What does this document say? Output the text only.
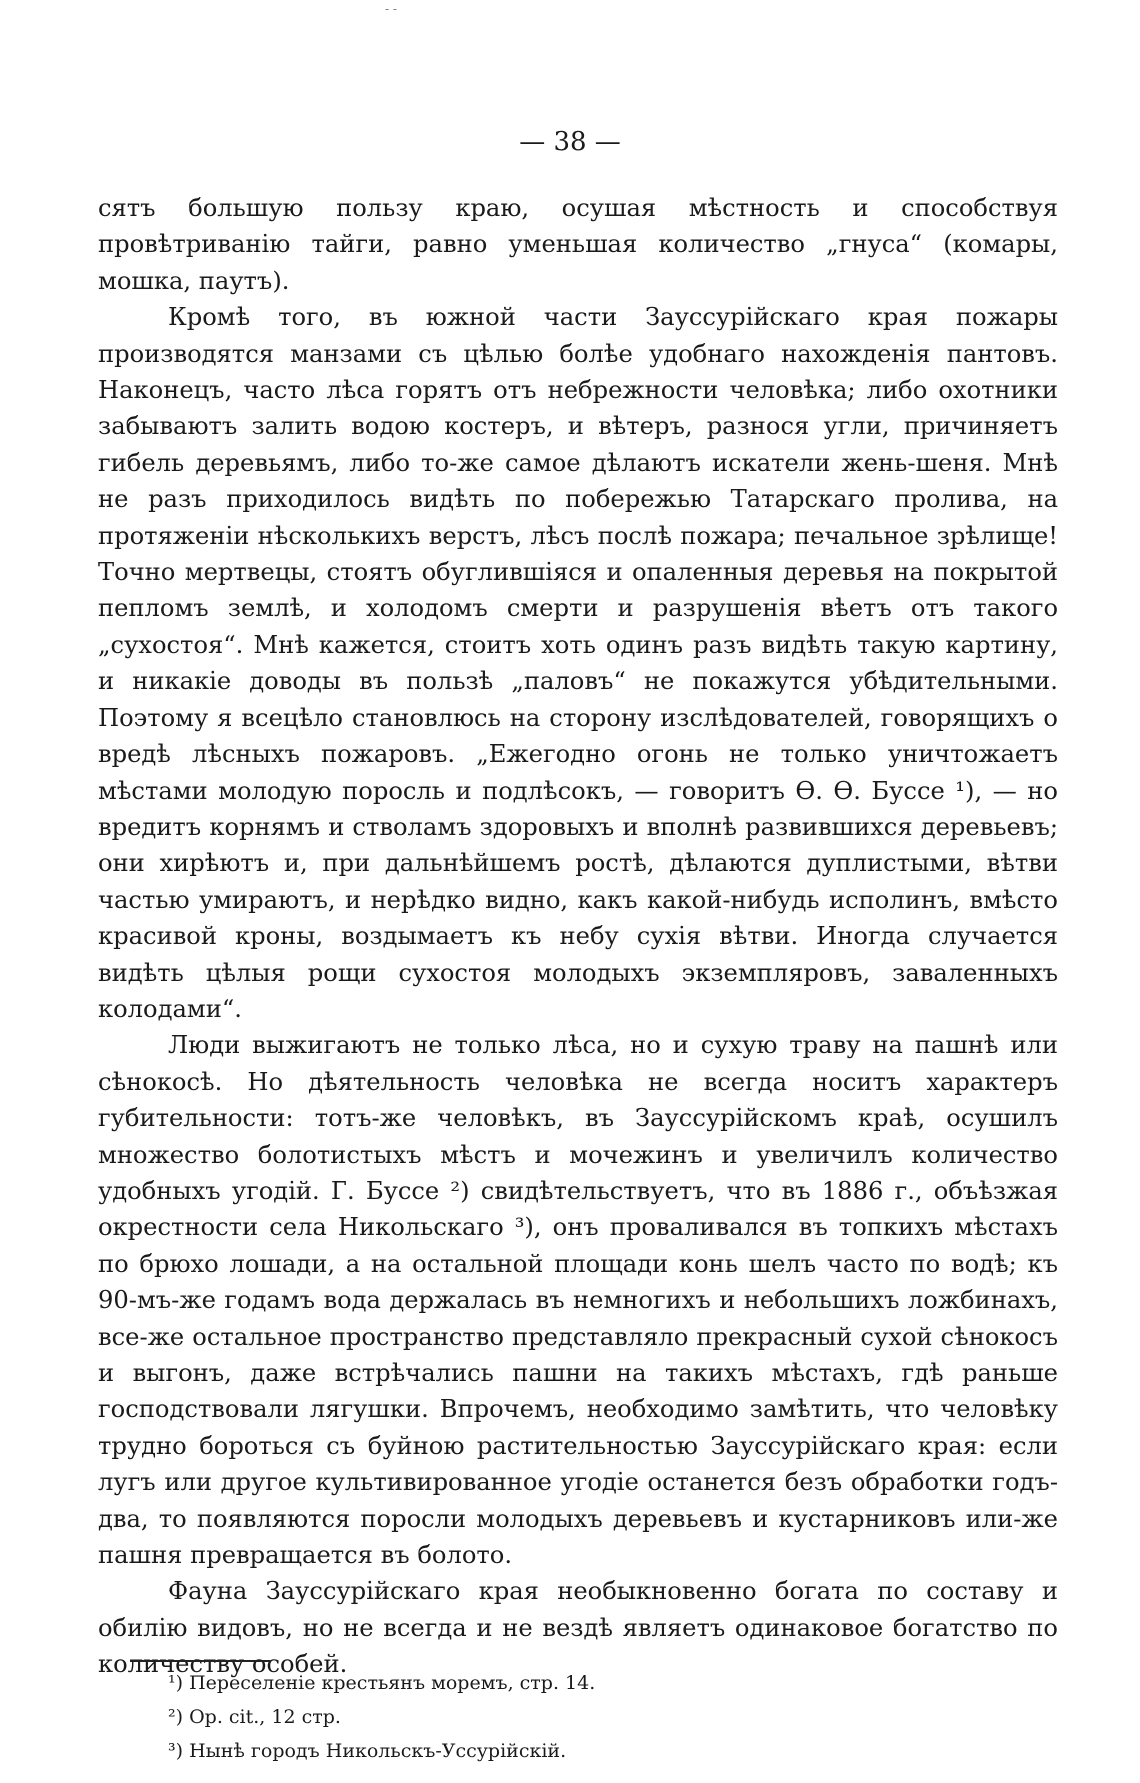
- -
— 38 —

сятъ большую пользу краю, осушая мѣстность и способствуя провѣтриванію тайги, равно уменьшая количество „гнуса“ (комары, мошка, паутъ).

Кромѣ того, въ южной части Зауссурійскаго края пожары производятся манзами съ цѣлью болѣе удобнаго нахожденія пантовъ. Наконецъ, часто лѣса горятъ отъ небрежности человѣка; либо охотники забываютъ залить водою костеръ, и вѣтеръ, разнося угли, причиняетъ гибель деревьямъ, либо то-же самое дѣлаютъ искатели жень-шеня. Мнѣ не разъ приходилось видѣть по побережью Татарскаго пролива, на протяженіи нѣсколькихъ верстъ, лѣсъ послѣ пожара; печальное зрѣлище! Точно мертвецы, стоятъ обуглившіяся и опаленныя деревья на покрытой пепломъ землѣ, и холодомъ смерти и разрушенія вѣетъ отъ такого „сухостоя“. Мнѣ кажется, стоитъ хоть одинъ разъ видѣть такую картину, и никакіе доводы въ пользѣ „паловъ“ не покажутся убѣдительными. Поэтому я всецѣло становлюсь на сторону изслѣдователей, говорящихъ о вредѣ лѣсныхъ пожаровъ. „Ежегодно огонь не только уничтожаетъ мѣстами молодую поросль и подлѣсокъ, — говоритъ Ѳ. Ѳ. Буссе ¹), — но вредитъ корнямъ и стволамъ здоровыхъ и вполнѣ развившихся деревьевъ; они хирѣютъ и, при дальнѣйшемъ ростѣ, дѣлаются дуплистыми, вѣтви частью умираютъ, и нерѣдко видно, какъ какой-нибудь исполинъ, вмѣсто красивой кроны, воздымаетъ къ небу сухія вѣтви. Иногда случается видѣть цѣлыя рощи сухостоя молодыхъ экземпляровъ, заваленныхъ колодами“.

Люди выжигаютъ не только лѣса, но и сухую траву на пашнѣ или сѣнокосѣ. Но дѣятельность человѣка не всегда носитъ характеръ губительности: тотъ-же человѣкъ, въ Зауссурійскомъ краѣ, осушилъ множество болотистыхъ мѣстъ и мочежинъ и увеличилъ количество удобныхъ угодій. Г. Буссе ²) свидѣтельствуетъ, что въ 1886 г., объѣзжая окрестности села Никольскаго ³), онъ проваливался въ топкихъ мѣстахъ по брюхо лошади, а на остальной площади конь шелъ часто по водѣ; къ 90-мъ-же годамъ вода держалась въ немногихъ и небольшихъ ложбинахъ, все-же остальное пространство представляло прекрасный сухой сѣнокосъ и выгонъ, даже встрѣчались пашни на такихъ мѣстахъ, гдѣ раньше господствовали лягушки. Впрочемъ, необходимо замѣтить, что человѣку трудно бороться съ буйною растительностью Зауссурійскаго края: если лугъ или другое культивированное угодіе останется безъ обработки годъ-два, то появляются поросли молодыхъ деревьевъ и кустарниковъ или-же пашня превращается въ болото.

Фауна Зауссурійскаго края необыкновенно богата по составу и обилію видовъ, но не всегда и не вездѣ являетъ одинаковое богатство по количеству особей.

¹) Переселеніе крестьянъ моремъ, стр. 14.
²) Op. cit., 12 стр.
³) Нынѣ городъ Никольскъ-Уссурійскій.
